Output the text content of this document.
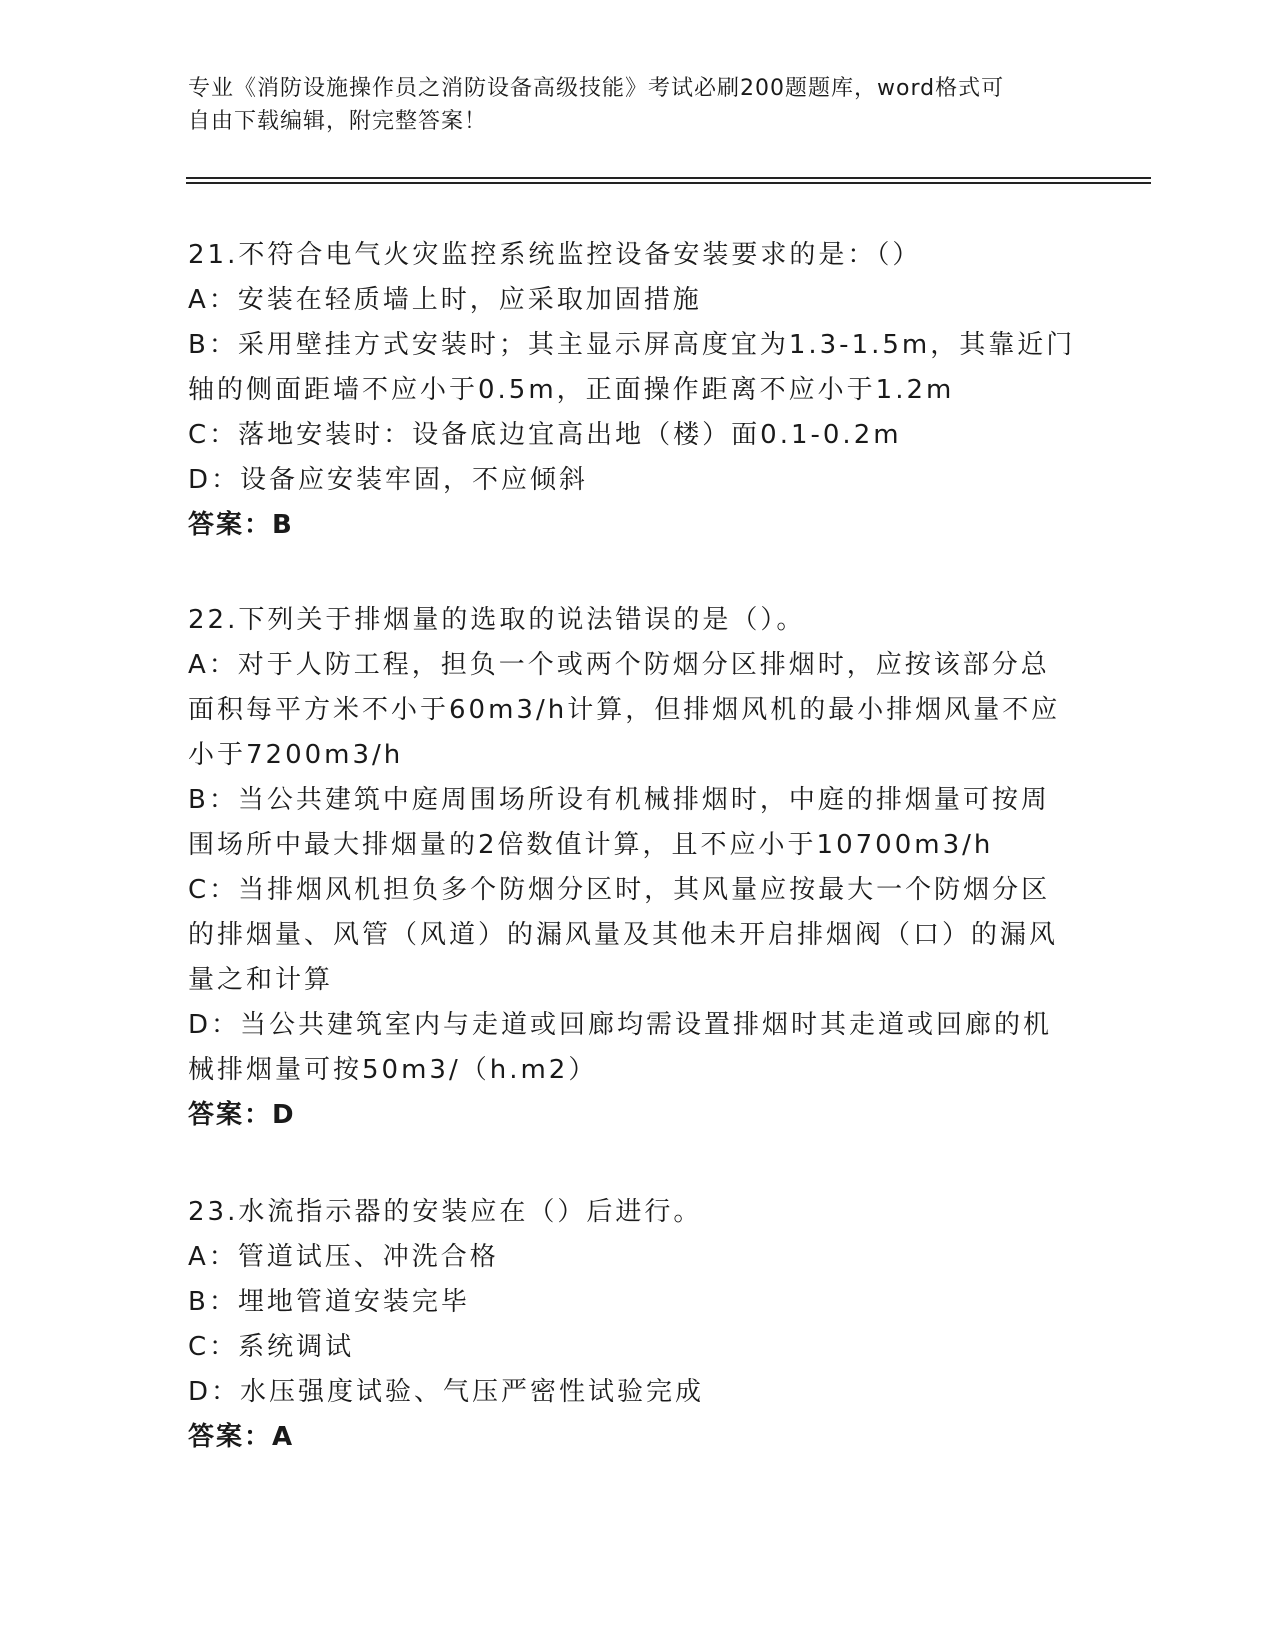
专业《消防设施操作员之消防设备高级技能》考试必刷200题题库，word格式可
自由下载编辑，附完整答案！
21.不符合电气火灾监控系统监控设备安装要求的是：（）
A：安装在轻质墙上时，应采取加固措施
B：采用壁挂方式安装时；其主显示屏高度宜为1.3-1.5m，其靠近门轴的侧面距墙不应小于0.5m，正面操作距离不应小于1.2m
C：落地安装时：设备底边宜高出地（楼）面0.1-0.2m
D：设备应安装牢固，不应倾斜
答案：B
22.下列关于排烟量的选取的说法错误的是（）。
A：对于人防工程，担负一个或两个防烟分区排烟时，应按该部分总面积每平方米不小于60m3/h计算，但排烟风机的最小排烟风量不应小于7200m3/h
B：当公共建筑中庭周围场所设有机械排烟时，中庭的排烟量可按周围场所中最大排烟量的2倍数值计算，且不应小于10700m3/h
C：当排烟风机担负多个防烟分区时，其风量应按最大一个防烟分区的排烟量、风管（风道）的漏风量及其他未开启排烟阀（口）的漏风量之和计算
D：当公共建筑室内与走道或回廊均需设置排烟时其走道或回廊的机械排烟量可按50m3/（h.m2）
答案：D
23.水流指示器的安装应在（）后进行。
A：管道试压、冲洗合格
B：埋地管道安装完毕
C：系统调试
D：水压强度试验、气压严密性试验完成
答案：A
